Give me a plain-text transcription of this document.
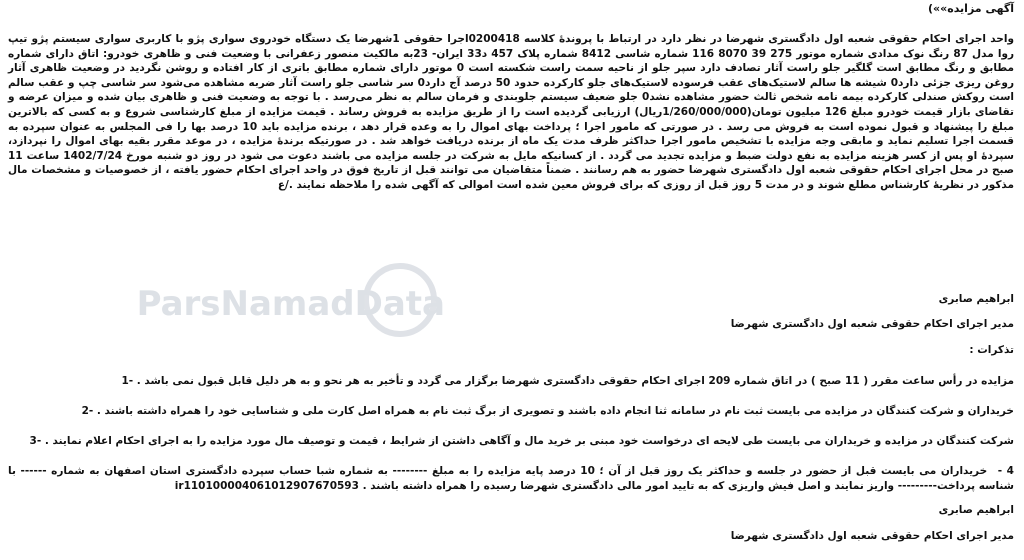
ParsNamadData
آگهی مزایده»»)
واحد اجرای احکام حقوقی شعبه اول دادگستری شهرضا در نظر دارد در ارتباط با پروندۀ کلاسه 0200418اجرا حقوقی 1شهرضا یک دستگاه خودروی سواری پژو با کاربری سواری سیستم پژو تیپ روا مدل 87 رنگ نوک مدادی شماره موتور 275 39 8070 116 شماره شاسی 8412 شماره پلاک 457 د33 ایران- 23به مالکیت منصور زعفرانی با وضعیت فنی و ظاهری خودرو: اتاق دارای شماره مطابق و رنگ مطابق است گلگیر جلو راست آثار تصادف دارد سپر جلو از ناحیه سمت راست شکسته است 0 موتور دارای شماره مطابق باتری از کار افتاده و روشن نگردید در وضعیت ظاهری آثار روغن ریزی جزئی دارد0 شیشه ها سالم لاستیک‌های عقب فرسوده لاستیک‌های جلو کارکرده حدود 50 درصد آج دارد0 سر شاسی جلو راست آثار ضربه مشاهده می‌شود سر شاسی چپ و عقب سالم است روکش صندلی کارکرده بیمه نامه شخص ثالث حضور مشاهده نشد0 جلو ضعیف سیستم جلوبندی و فرمان سالم به نظر می‌رسد . با توجه به وضعیت فنی و ظاهری بیان شده و میزان عرضه و تقاضای بازار قیمت خودرو مبلغ 126 میلیون تومان(1/260/000/000ریال) ارزیابی گردیده است را از طریق مزایده به فروش رساند . قیمت مزایده از مبلغ کارشناسی شروع و به کسی که بالاترین مبلغ را پیشنهاد و قبول نموده است به فروش می رسد . در صورتی که مامور اجرا ؛ پرداخت بهای اموال را به وعده قرار دهد ، برنده مزایده باید 10 درصد بها را فی المجلس به عنوان سپرده به قسمت اجرا تسلیم نماید و مابقی وجه مزایده با تشخیص مامور اجرا حداکثر ظرف مدت یک ماه از برنده دریافت خواهد شد . در صورتیکه برندۀ مزایده ، در موعد مقرر بقیه بهای اموال را نپردازد، سپردۀ او پس از کسر هزینه مزایده به نفع دولت ضبط و مزایده تجدید می گردد . از کسانیکه مایل به شرکت در جلسه مزایده می باشند دعوت می شود در روز دو شنبه مورخ 1402/7/24 ساعت 11 صبح در محل اجرای احکام حقوقی شعبه اول دادگستری شهرضا حضور به هم رسانند . ضمناً متقاضیان می توانند قبل از تاریخ فوق در واحد اجرای احکام حضور یافته ، از خصوصیات و مشخصات مال مذکور در نظریۀ کارشناس مطلع شوند و در مدت 5 روز قبل از روزی که برای فروش معین شده است اموالی که آگهی شده را ملاحظه نمایند ./ع
ابراهیم صابری
مدیر اجرای احکام حقوقی شعبه اول دادگستری شهرضا
تذکرات :
مزایده در رأس ساعت مقرر ( 11 صبح ) در اتاق شماره 209 اجرای احکام حقوقی دادگستری شهرضا برگزار می گردد و تأخیر به هر نحو و به هر دلیل قابل قبول نمی باشد . -1
خریداران و شرکت کنندگان در مزایده می بایست ثبت نام در سامانه ثنا انجام داده باشند و تصویری از برگ ثبت نام به همراه اصل کارت ملی و شناسایی خود را همراه داشته باشند . -2
شرکت کنندگان در مزایده و خریداران می بایست طی لایحه ای درخواست خود مبنی بر خرید مال و آگاهی داشتن از شرایط ، قیمت و توصیف مال مورد مزایده را به اجرای احکام اعلام نمایند . -3
4 - خریداران می بایست قبل از حضور در جلسه و حداکثر یک روز قبل از آن ؛ 10 درصد پایه مزایده را به مبلغ -------- به شماره شبا حساب سپرده دادگستری استان اصفهان به شماره ------ با شناسه پرداخت--------- واریز نمایند و اصل فیش واریزی که به تایید امور مالی دادگستری شهرضا رسیده را همراه داشته باشند . ir110100004061012907670593
ابراهیم صابری
مدیر اجرای احکام حقوقی شعبه اول دادگستری شهرضا
